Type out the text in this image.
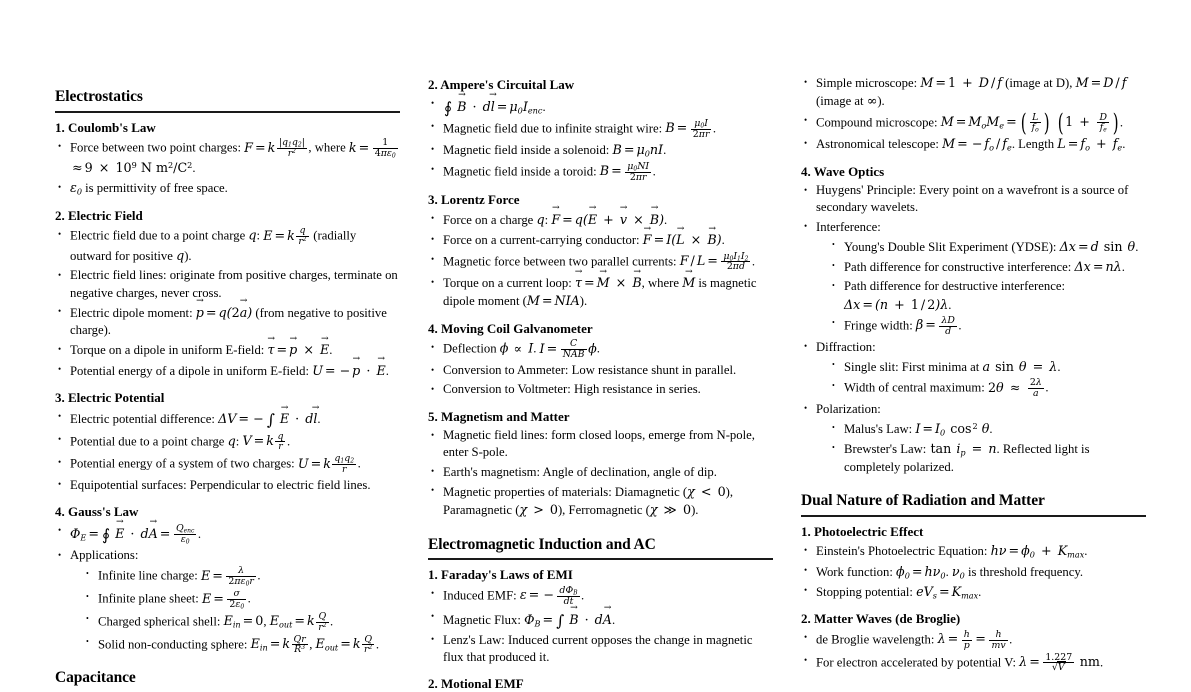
Electrostatics
1. Coulomb's Law
• Force between two point charges: F = k $\frac{|q_1q_2|}{r^2}$ , where $k = \frac{1}{4\pi\varepsilon_0}$
≈ $9 \times 10^9$ N $m^2/C^2$.
• $\varepsilon_0$ is permittivity of free space.
2. Electric Field
• Electric field due to a point charge q: E = k $\frac{q}{r^2}$ (radially outward for positive q).
• Electric field lines: originate from positive charges, terminate on negative charges, never cross.
• Electric dipole moment: p → = q(2a →) (from negative to positive charge).
• Torque on a dipole in uniform E-field: τ → = p → × E →.
• Potential energy of a dipole in uniform E-field: U = − p → · E →.
3. Electric Potential
• Electric potential difference: ΔV = − ∫ E → · dl →.
• Potential due to a point charge q: V = k $\frac{q}{r}$ .
• Potential energy of a system of two charges: U = k $\frac{q_1q_2}{r}$ .
• Equipotential surfaces: Perpendicular to electric field lines.
4. Gauss's Law
• $\Phi_E$ = ∮ E → · dA → = $\frac{Q_{enc}}{\varepsilon_0}$ .
• Applications:
• Infinite line charge: $E = \frac{\lambda}{2\pi\varepsilon_0r}$ .
• Infinite plane sheet: $E = \frac{\sigma}{2\varepsilon_0}$ .
• Charged spherical shell: $E_{in} = 0$, $E_{out} = k \frac{Q}{r^2}$ .
• Solid non-conducting sphere: $E_{in} = k \frac{Qr}{R^3}$ , $E_{out} = k \frac{Q}{r^2}$ .
Capacitance
2. Ampere's Circuital Law
• ∮ B → · dl → = $\mu_0I_{enc}$.
• Magnetic field due to infinite straight wire: $B = \frac{\mu_0I}{2\pi r}$ .
• Magnetic field inside a solenoid: $B = \mu_0nI$.
• Magnetic field inside a toroid: $B = \frac{\mu_0NI}{2\pi r}$ .
3. Lorentz Force
• Force on a charge q: F → = q(E → + v → × B →).
• Force on a current-carrying conductor: F → = I(L → × B →).
• Magnetic force between two parallel currents: $F / L = \frac{\mu_0I_1I_2}{2\pi d}$ .
• Torque on a current loop: τ → = M → × B →, where M → is magnetic dipole moment (M = NIA).
4. Moving Coil Galvanometer
• Deflection ϕ ∝ I. $I = \frac{C}{\text{NAB}} \phi$.
• Conversion to Ammeter: Low resistance shunt in parallel.
• Conversion to Voltmeter: High resistance in series.
5. Magnetism and Matter
• Magnetic field lines: form closed loops, emerge from N-pole, enter S-pole.
• Earth's magnetism: Angle of declination, angle of dip.
• Magnetic properties of materials: Diamagnetic (χ < 0), Paramagnetic (χ > 0), Ferromagnetic (χ ≫ 0).
Electromagnetic Induction and AC
1. Faraday's Laws of EMI
• Induced EMF: ε = − $\frac{d\Phi_B}{dt}$ .
• Magnetic Flux: $\Phi_B$ = ∫ B → · dA →.
• Lenz's Law: Induced current opposes the change in magnetic flux that produced it.
2. Motional EMF
• Simple microscope: M = 1 + D / f (image at D), M = D / f (image at ∞).
• Compound microscope: $M = M_oM_e$ = ( $\frac{L}{f_o}$ ) ( $1 + \frac{D}{f_e}$ ) .
• Astronomical telescope: M = − $f_o / f_e$. Length $L = f_o + f_e$.
4. Wave Optics
• Huygens' Principle: Every point on a wavefront is a source of secondary wavelets.
• Interference:
• Young's Double Slit Experiment (YDSE): Δx = d sin θ.
• Path difference for constructive interference: Δx = nλ.
• Path difference for destructive interference: Δx = (n + 1 / 2)λ.
• Fringe width: $\beta = \frac{\lambda D}{d}$ .
• Diffraction:
• Single slit: First minima at a sin θ = λ.
• Width of central maximum: $2\theta \approx \frac{2\lambda}{a}$ .
• Polarization:
• Malus's Law: $I = I_0$ $\cos^2 \theta$.
• Brewster's Law: $\tan i_p = n$. Reflected light is completely polarized.
Dual Nature of Radiation and Matter
1. Photoelectric Effect
• Einstein's Photoelectric Equation: $h\nu = \phi_0 + K_{max}$.
• Work function: $\phi_0 = h\nu_0$. $\nu_0$ is threshold frequency.
• Stopping potential: $eV_s = K_{max}$.
2. Matter Waves (de Broglie)
• de Broglie wavelength: $\lambda = \frac{h}{p} = \frac{h}{mv}$ .
• For electron accelerated by potential V: $\lambda = \frac{1.227}{√V}$ nm.
